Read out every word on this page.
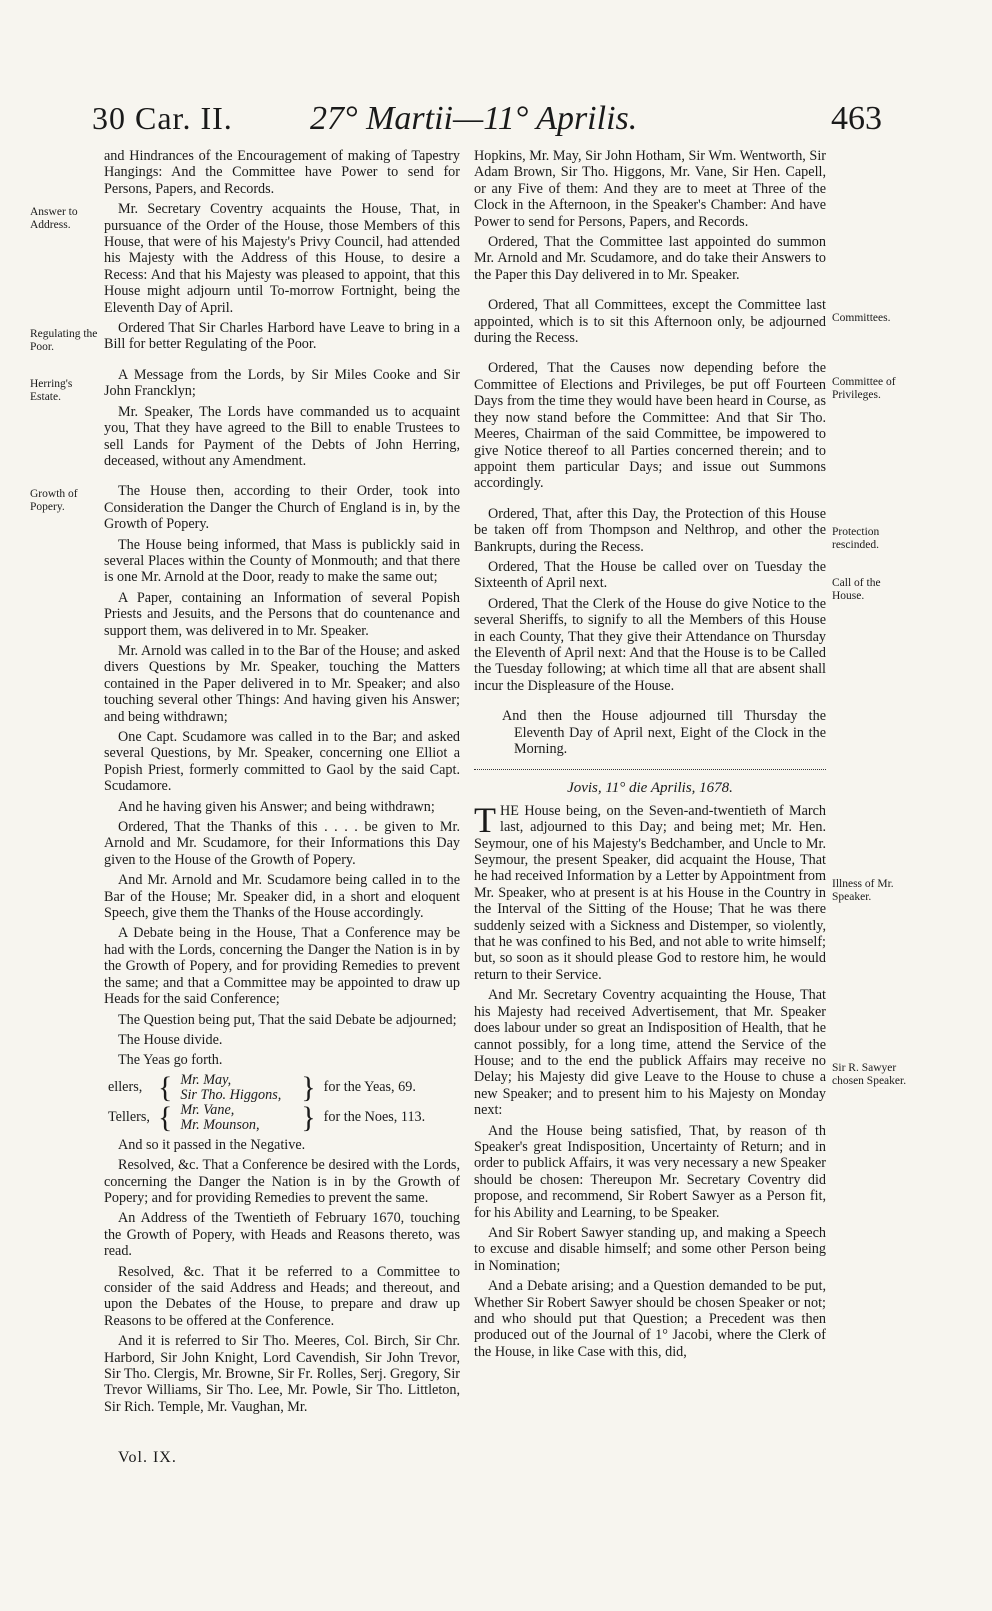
30 Car. II. 27° Martii—11° Aprilis.	463
Answer to Address.
Regulating the Poor.
Herring's Estate.
Growth of Popery.
Committees.
Committee of Privileges.
Protection rescinded.
Call of the House.
Illness of Mr. Speaker.
Sir R. Sawyer chosen Speaker.

and Hindrances of the Encouragement of making of Tapestry Hangings: And the Committee have Power to send for Persons, Papers, and Records.

Mr. Secretary Coventry acquaints the House, That, in pursuance of the Order of the House, those Members of this House, that were of his Majesty's Privy Council, had attended his Majesty with the Address of this House, to desire a Recess: And that his Majesty was pleased to appoint, that this House might adjourn until To-morrow Fortnight, being the Eleventh Day of April.

Ordered That Sir Charles Harbord have Leave to bring in a Bill for better Regulating of the Poor.

A Message from the Lords, by Sir Miles Cooke and Sir John Francklyn;

Mr. Speaker, The Lords have commanded us to acquaint you, That they have agreed to the Bill to enable Trustees to sell Lands for Payment of the Debts of John Herring, deceased, without any Amendment.

The House then, according to their Order, took into Consideration the Danger the Church of England is in, by the Growth of Popery.

The House being informed, that Mass is publickly said in several Places within the County of Monmouth; and that there is one Mr. Arnold at the Door, ready to make the same out;

A Paper, containing an Information of several Popish Priests and Jesuits, and the Persons that do countenance and support them, was delivered in to Mr. Speaker.

Mr. Arnold was called in to the Bar of the House; and asked divers Questions by Mr. Speaker, touching the Matters contained in the Paper delivered in to Mr. Speaker; and also touching several other Things: And having given his Answer; and being withdrawn;

One Capt. Scudamore was called in to the Bar; and asked several Questions, by Mr. Speaker, concerning one Elliot a Popish Priest, formerly committed to Gaol by the said Capt. Scudamore.

And he having given his Answer; and being withdrawn;

Ordered, That the Thanks of this . . . . be given to Mr. Arnold and Mr. Scudamore, for their Informations this Day given to the House of the Growth of Popery.

And Mr. Arnold and Mr. Scudamore being called in to the Bar of the House; Mr. Speaker did, in a short and eloquent Speech, give them the Thanks of the House accordingly.

A Debate being in the House, That a Conference may be had with the Lords, concerning the Danger the Nation is in by the Growth of Popery, and for providing Remedies to prevent the same; and that a Committee may be appointed to draw up Heads for the said Conference;

The Question being put, That the said Debate be adjourned;

The House divide.

The Yeas go forth.

ellers,	{	Mr. May,	}	for the Yeas, 69.
		Sir Tho. Higgons,		
Tellers,	{	Mr. Vane,	}	for the Noes, 113.
		Mr. Mounson,		

And so it passed in the Negative.

Resolved, &c. That a Conference be desired with the Lords, concerning the Danger the Nation is in by the Growth of Popery; and for providing Remedies to prevent the same.

An Address of the Twentieth of February 1670, touching the Growth of Popery, with Heads and Reasons thereto, was read.

Resolved, &c. That it be referred to a Committee to consider of the said Address and Heads; and thereout, and upon the Debates of the House, to prepare and draw up Reasons to be offered at the Conference.

And it is referred to Sir Tho. Meeres, Col. Birch, Sir Chr. Harbord, Sir John Knight, Lord Cavendish, Sir John Trevor, Sir Tho. Clergis, Mr. Browne, Sir Fr. Rolles, Serj. Gregory, Sir Trevor Williams, Sir Tho. Lee, Mr. Powle, Sir Tho. Littleton, Sir Rich. Temple, Mr. Vaughan, Mr.

Hopkins, Mr. May, Sir John Hotham, Sir Wm. Wentworth, Sir Adam Brown, Sir Tho. Higgons, Mr. Vane, Sir Hen. Capell, or any Five of them: And they are to meet at Three of the Clock in the Afternoon, in the Speaker's Chamber: And have Power to send for Persons, Papers, and Records.

Ordered, That the Committee last appointed do summon Mr. Arnold and Mr. Scudamore, and do take their Answers to the Paper this Day delivered in to Mr. Speaker.

Ordered, That all Committees, except the Committee last appointed, which is to sit this Afternoon only, be adjourned during the Recess.

Ordered, That the Causes now depending before the Committee of Elections and Privileges, be put off Fourteen Days from the time they would have been heard in Course, as they now stand before the Committee: And that Sir Tho. Meeres, Chairman of the said Committee, be impowered to give Notice thereof to all Parties concerned therein; and to appoint them particular Days; and issue out Summons accordingly.

Ordered, That, after this Day, the Protection of this House be taken off from Thompson and Nelthrop, and other the Bankrupts, during the Recess.

Ordered, That the House be called over on Tuesday the Sixteenth of April next.

Ordered, That the Clerk of the House do give Notice to the several Sheriffs, to signify to all the Members of this House in each County, That they give their Attendance on Thursday the Eleventh of April next: And that the House is to be Called the Tuesday following; at which time all that are absent shall incur the Displeasure of the House.

And then the House adjourned till Thursday the Eleventh Day of April next, Eight of the Clock in the Morning.

Jovis, 11° die Aprilis, 1678.

THE House being, on the Seven-and-twentieth of March last, adjourned to this Day; and being met; Mr. Hen. Seymour, one of his Majesty's Bedchamber, and Uncle to Mr. Seymour, the present Speaker, did acquaint the House, That he had received Information by a Letter by Appointment from Mr. Speaker, who at present is at his House in the Country in the Interval of the Sitting of the House; That he was there suddenly seized with a Sickness and Distemper, so violently, that he was confined to his Bed, and not able to write himself; but, so soon as it should please God to restore him, he would return to their Service.

And Mr. Secretary Coventry acquainting the House, That his Majesty had received Advertisement, that Mr. Speaker does labour under so great an Indisposition of Health, that he cannot possibly, for a long time, attend the Service of the House; and to the end the publick Affairs may receive no Delay; his Majesty did give Leave to the House to chuse a new Speaker; and to present him to his Majesty on Monday next:

And the House being satisfied, That, by reason of th Speaker's great Indisposition, Uncertainty of Return; and in order to publick Affairs, it was very necessary a new Speaker should be chosen: Thereupon Mr. Secretary Coventry did propose, and recommend, Sir Robert Sawyer as a Person fit, for his Ability and Learning, to be Speaker.

And Sir Robert Sawyer standing up, and making a Speech to excuse and disable himself; and some other Person being in Nomination;

And a Debate arising; and a Question demanded to be put, Whether Sir Robert Sawyer should be chosen Speaker or not; and who should put that Question; a Precedent was then produced out of the Journal of 1° Jacobi, where the Clerk of the House, in like Case with this, did,

Vol. IX.
